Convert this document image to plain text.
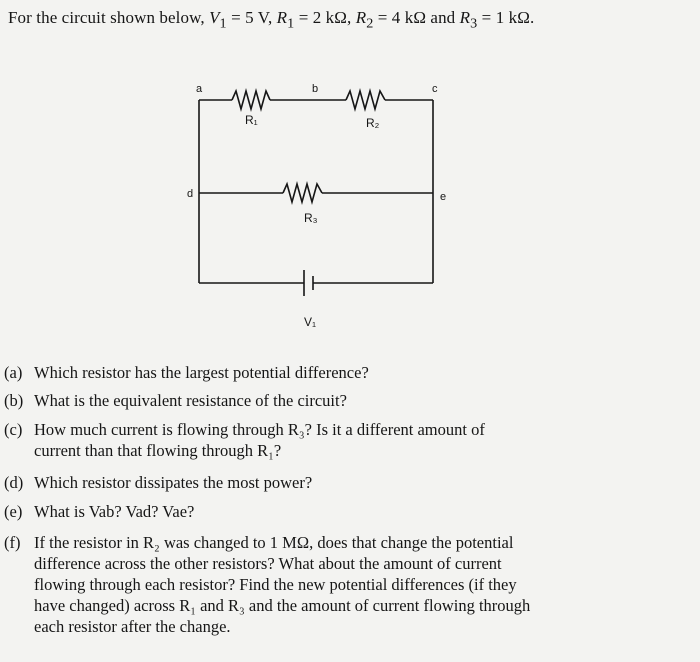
For the circuit shown below, $V_1 = 5$ V, $R_1 = 2$ kΩ, $R_2 = 4$ kΩ and $R_3 = 1$ kΩ.
a	b	c
d	e
R₁	R₂
R₃
V₁
(a) Which resistor has the largest potential difference?
(b) What is the equivalent resistance of the circuit?
(c) How much current is flowing through R₃? Is it a different amount of
current than that flowing through R₁?
(d) Which resistor dissipates the most power?
(e) What is Vab? Vad? Vae?
(f) If the resistor in R₂ was changed to 1 MΩ, does that change the potential
difference across the other resistors? What about the amount of current
flowing through each resistor? Find the new potential differences (if they
have changed) across R₁ and R₃ and the amount of current flowing through
each resistor after the change.
